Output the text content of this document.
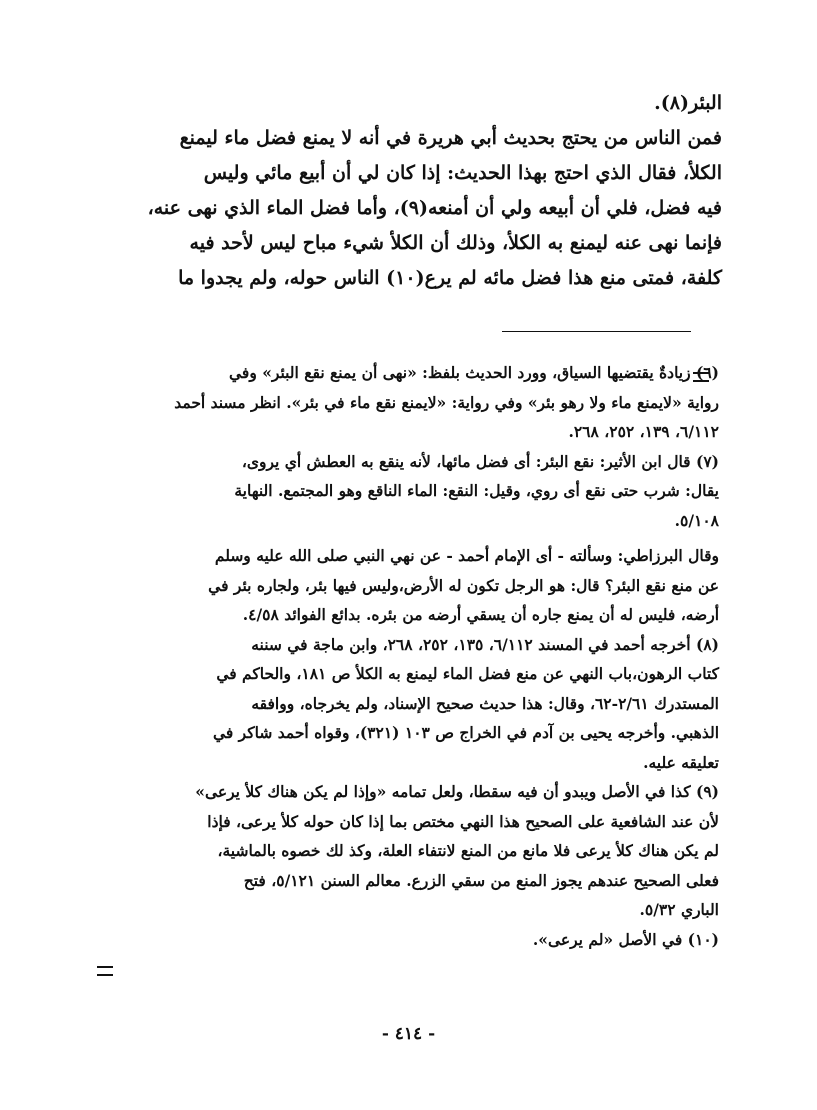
البئر(٨).

فمن الناس من يحتج بحديث أبي هريرة في أنه لا يمنع فضل ماء ليمنع

الكلأ، فقال الذي احتج بهذا الحديث: إذا كان لي أن أبيع مائي وليس

فيه فضل، فلي أن أبيعه ولي أن أمنعه(٩)، وأما فضل الماء الذي نهى عنه،

فإنما نهى عنه ليمنع به الكلأ، وذلك أن الكلأ شيء مباح ليس لأحد فيه

كلفة، فمتى منع هذا فضل مائه لم يرع(١٠) الناس حوله، ولم يجدوا ما

(٦) زيادةٌ يقتضيها السياق، وورد الحديث بلفظ: «نهى أن يمنع نقع البئر» وفي

رواية «لايمنع ماء ولا رهو بئر» وفي رواية: «لايمنع نقع ماء في بئر». انظر مسند أحمد

٦/١١٢، ١٣٩، ٢٥٢، ٢٦٨.

(٧) قال ابن الأثير: نقع البئر: أى فضل مائها، لأنه ينقع به العطش أي يروى،

يقال: شرب حتى نقع أى روي، وقيل: النقع: الماء الناقع وهو المجتمع. النهاية

٥/١٠٨.

وقال البرزاطي: وسألته - أى الإمام أحمد - عن نهي النبي صلى الله عليه وسلم

عن منع نقع البئر؟ قال: هو الرجل تكون له الأرض،وليس فيها بئر، ولجاره بئر في

أرضه، فليس له أن يمنع جاره أن يسقي أرضه من بئره. بدائع الفوائد ٤/٥٨.

(٨) أخرجه أحمد في المسند ٦/١١٢، ١٣٥، ٢٥٢، ٢٦٨، وابن ماجة في سننه

كتاب الرهون،باب النهي عن منع فضل الماء ليمنع به الكلأ ص ١٨١، والحاكم في

المستدرك ٢/٦١-٦٢، وقال: هذا حديث صحيح الإسناد، ولم يخرجاه، ووافقه

الذهبي. وأخرجه يحيى بن آدم في الخراج ص ١٠٣ (٣٢١)، وقواه أحمد شاكر في

تعليقه عليه.

(٩) كذا في الأصل ويبدو أن فيه سقطا، ولعل تمامه «وإذا لم يكن هناك كلأ يرعى»

لأن عند الشافعية على الصحيح هذا النهي مختص بما إذا كان حوله كلأ يرعى، فإذا

لم يكن هناك كلأ يرعى فلا مانع من المنع لانتفاء العلة، وكذ لك خصوه بالماشية،

فعلى الصحيح عندهم يجوز المنع من سقي الزرع. معالم السنن ٥/١٢١، فتح

الباري ٥/٣٢.

(١٠) في الأصل «لم يرعى».

- ٤١٤ -
